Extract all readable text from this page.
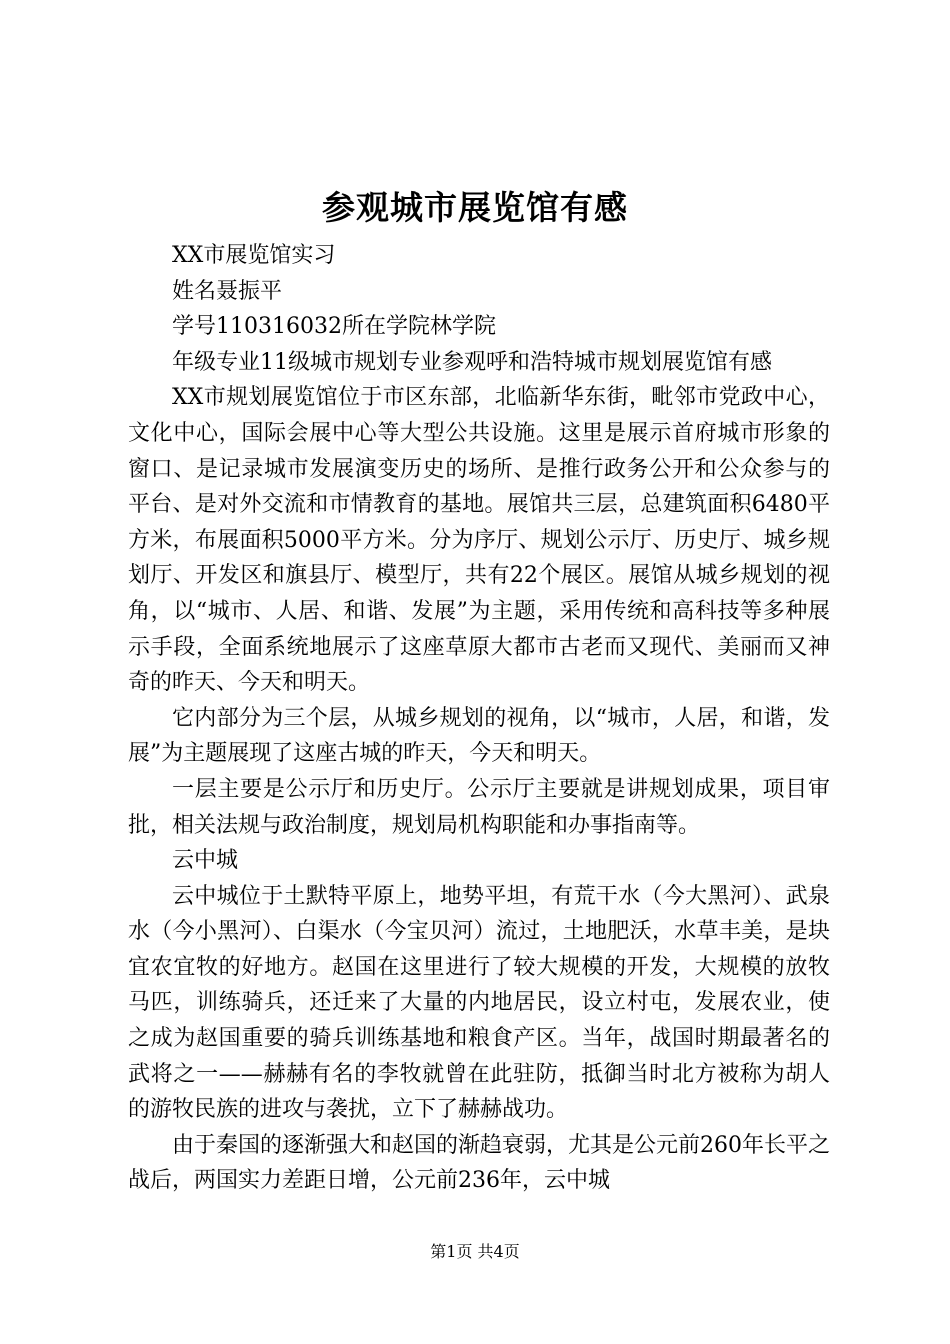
参观城市展览馆有感

XX市展览馆实习

姓名聂振平

学号110316032所在学院林学院

年级专业11级城市规划专业参观呼和浩特城市规划展览馆有感

XX市规划展览馆位于市区东部，北临新华东街，毗邻市党政中心，文化中心，国际会展中心等大型公共设施。这里是展示首府城市形象的窗口、是记录城市发展演变历史的场所、是推行政务公开和公众参与的平台、是对外交流和市情教育的基地。展馆共三层，总建筑面积6480平方米，布展面积5000平方米。分为序厅、规划公示厅、历史厅、城乡规划厅、开发区和旗县厅、模型厅，共有22个展区。展馆从城乡规划的视角，以“城市、人居、和谐、发展”为主题，采用传统和高科技等多种展示手段，全面系统地展示了这座草原大都市古老而又现代、美丽而又神奇的昨天、今天和明天。

它内部分为三个层，从城乡规划的视角，以“城市，人居，和谐，发展”为主题展现了这座古城的昨天，今天和明天。

一层主要是公示厅和历史厅。公示厅主要就是讲规划成果，项目审批，相关法规与政治制度，规划局机构职能和办事指南等。

云中城

云中城位于土默特平原上，地势平坦，有荒干水（今大黑河）、武泉水（今小黑河）、白渠水（今宝贝河）流过，土地肥沃，水草丰美，是块宜农宜牧的好地方。赵国在这里进行了较大规模的开发，大规模的放牧马匹，训练骑兵，还迁来了大量的内地居民，设立村屯，发展农业，使之成为赵国重要的骑兵训练基地和粮食产区。当年，战国时期最著名的武将之一——赫赫有名的李牧就曾在此驻防，抵御当时北方被称为胡人的游牧民族的进攻与袭扰，立下了赫赫战功。

由于秦国的逐渐强大和赵国的渐趋衰弱，尤其是公元前260年长平之战后，两国实力差距日增，公元前236年，云中城

第1页 共4页
